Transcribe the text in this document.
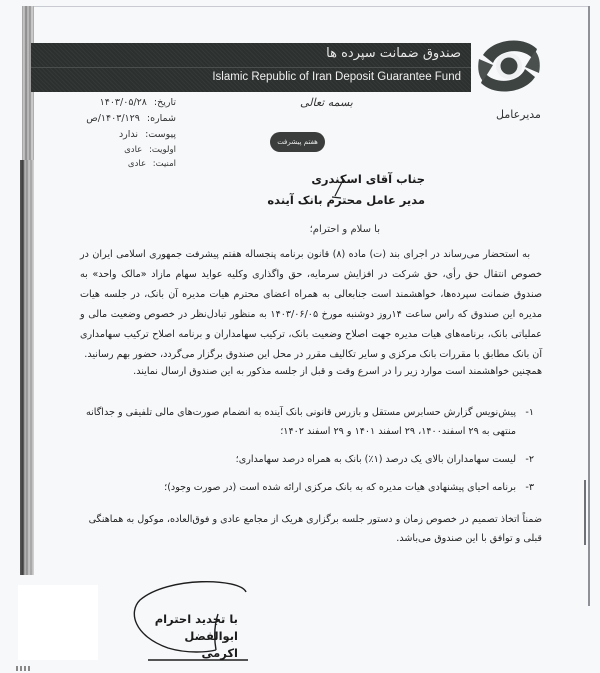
صندوق ضمانت سپرده ها
Islamic Republic of Iran Deposit Guarantee Fund
مدیرعامل
بسمه تعالی
هفتم پیشرفت
تاریخ: ۱۴۰۳/۰۵/۲۸
شماره: ۱۴۰۳/۱۲۹/ص
پیوست: ندارد
اولویت: عادی
امنیت: عادی
جناب آقای اسکندری
مدیر عامل محترم بانک آینده
با سلام و احترام؛

به استحضار می‌رساند در اجرای بند (ت) ماده (۸) قانون برنامه پنجساله هفتم پیشرفت جمهوری اسلامی ایران در خصوص انتقال حق رأی، حق شرکت در افزایش سرمایه، حق واگذاری وکلیه عواید سهام مازاد «مالک واحد» به صندوق ضمانت سپرده‌ها، خواهشمند است جنابعالی به همراه اعضای محترم هیات مدیره آن بانک، در جلسه هیات مدیره این صندوق که راس ساعت ۱۴روز دوشنبه مورخ ۱۴۰۳/۰۶/۰۵ به منظور تبادل‌نظر در خصوص وضعیت مالی و عملیاتی بانک، برنامه‌های هیات مدیره جهت اصلاح وضعیت بانک، ترکیب سهامداران و برنامه اصلاح ترکیب سهامداری آن بانک مطابق با مقررات بانک مرکزی و سایر تکالیف مقرر در محل این صندوق برگزار می‌گردد، حضور بهم رسانید.

همچنین خواهشمند است موارد زیر را در اسرع وقت و قبل از جلسه مذکور به این صندوق ارسال نمایند.
۱-
پیش‌نویس گزارش حسابرس مستقل و بازرس قانونی بانک آینده به انضمام صورت‌های مالی تلفیقی و جداگانه منتهی به ۲۹ اسفند۱۴۰۰، ۲۹ اسفند ۱۴۰۱ و ۲۹ اسفند ۱۴۰۲؛
۲-
لیست سهامداران بالای یک درصد (۱٪) بانک به همراه درصد سهامداری؛
۳-
برنامه احیای پیشنهادی هیات مدیره که به بانک مرکزی ارائه شده است (در صورت وجود)؛
ضمناً اتخاذ تصمیم در خصوص زمان و دستور جلسه برگزاری هریک از مجامع عادی و فوق‌العاده، موکول به هماهنگی قبلی و توافق با این صندوق می‌باشد.
با تجدید احترام
ابوالفضل اکرمی
